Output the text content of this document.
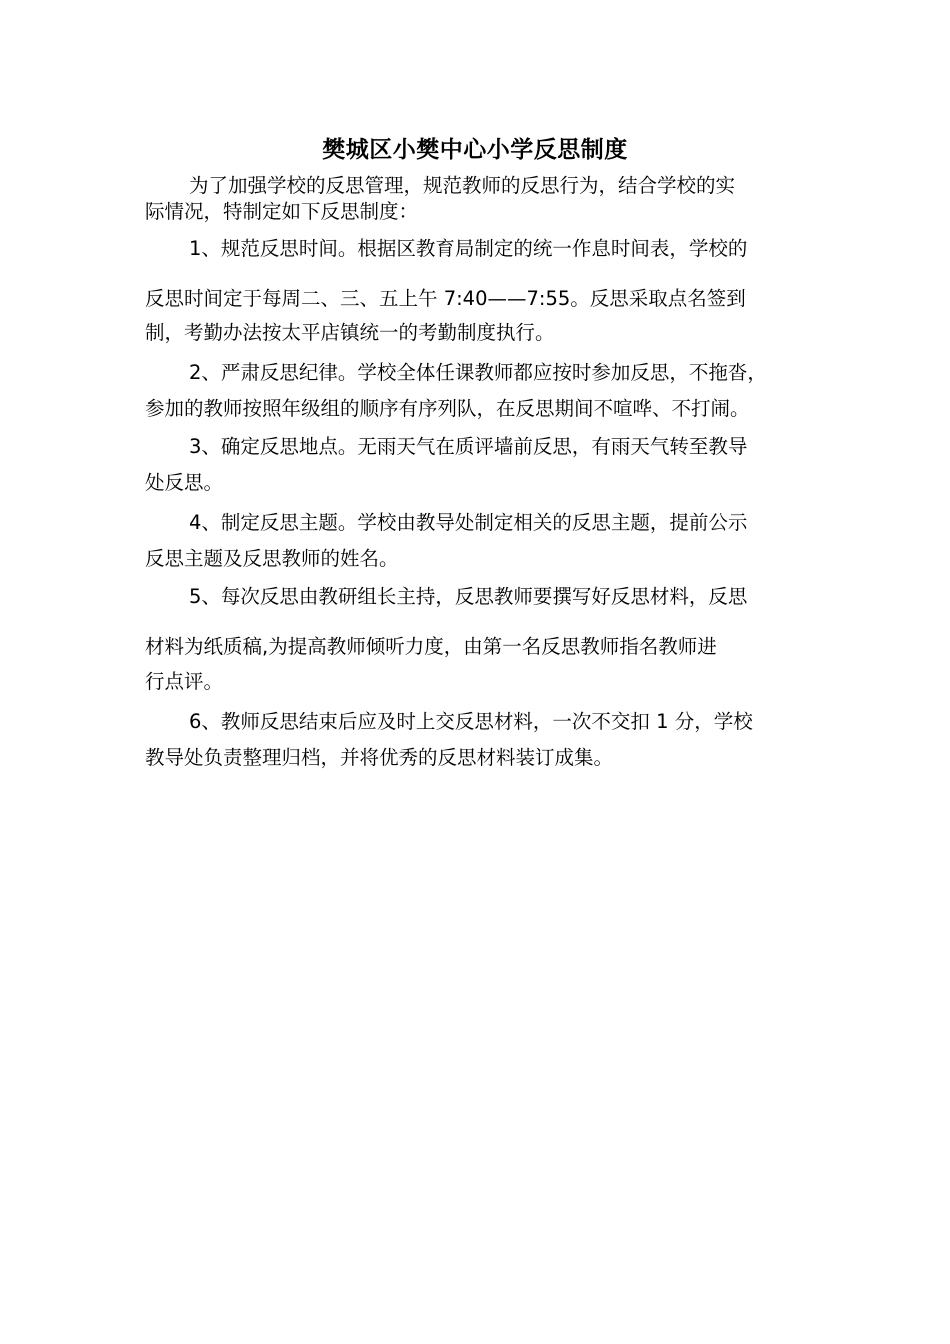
樊城区小樊中心小学反思制度
为了加强学校的反思管理，规范教师的反思行为，结合学校的实
际情况，特制定如下反思制度：
1、规范反思时间。根据区教育局制定的统一作息时间表，学校的
反思时间定于每周二、三、五上午 7:40——7:55。反思采取点名签到
制，考勤办法按太平店镇统一的考勤制度执行。
2、严肃反思纪律。学校全体任课教师都应按时参加反思，不拖沓，
参加的教师按照年级组的顺序有序列队，在反思期间不喧哗、不打闹。
3、确定反思地点。无雨天气在质评墙前反思，有雨天气转至教导
处反思。
4、制定反思主题。学校由教导处制定相关的反思主题，提前公示
反思主题及反思教师的姓名。
5、每次反思由教研组长主持，反思教师要撰写好反思材料，反思
材料为纸质稿,为提高教师倾听力度，由第一名反思教师指名教师进
行点评。
6、教师反思结束后应及时上交反思材料，一次不交扣 1 分，学校
教导处负责整理归档，并将优秀的反思材料装订成集。
